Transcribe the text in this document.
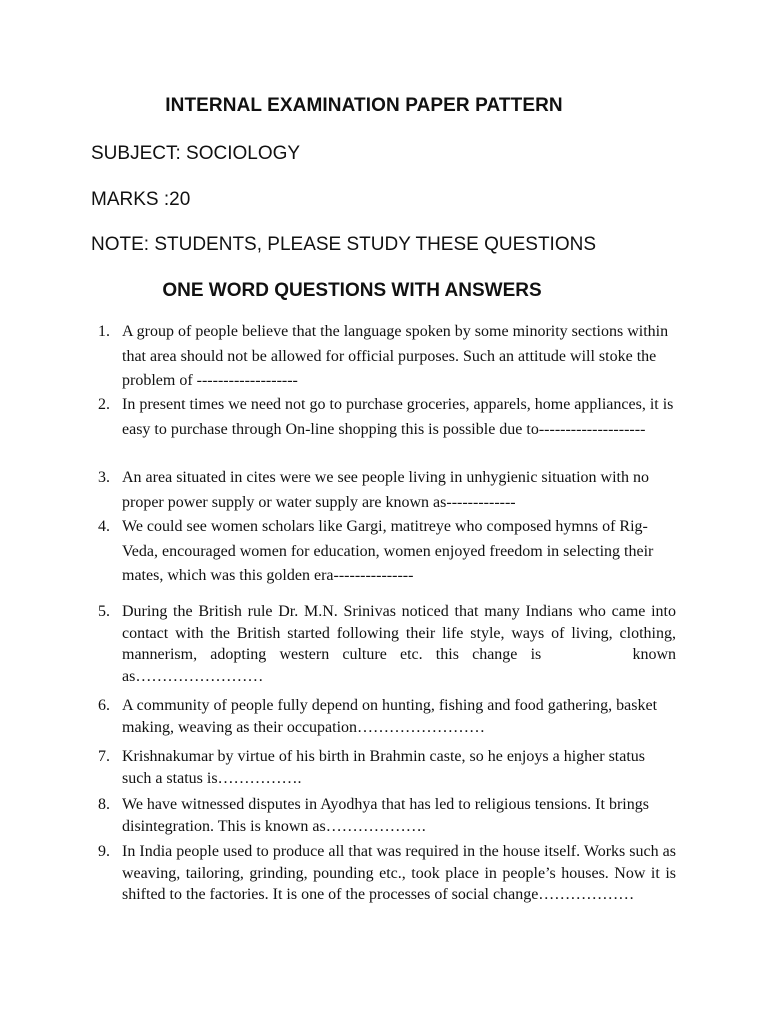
INTERNAL EXAMINATION PAPER PATTERN
SUBJECT: SOCIOLOGY
MARKS :20
NOTE: STUDENTS, PLEASE STUDY THESE QUESTIONS
ONE WORD QUESTIONS WITH ANSWERS
1. A group of people believe that the language spoken by some minority sections within that area should not be allowed for official purposes. Such an attitude will stoke the problem of -------------------
2. In present times we need not go to purchase groceries, apparels, home appliances, it is easy to purchase through On-line shopping this is possible due to--------------------
3. An area situated in cites were we see people living in unhygienic situation with no proper power supply or water supply are known as-------------
4. We could see women scholars like Gargi, matitreye who composed hymns of Rig-Veda, encouraged women for education, women enjoyed freedom in selecting their mates, which was this golden era---------------
5. During the British rule Dr. M.N. Srinivas noticed that many Indians who came into contact with the British started following their life style, ways of living, clothing, mannerism, adopting western culture etc. this change is	known as……………………
6. A community of people fully depend on hunting, fishing and food gathering, basket making, weaving as their occupation……………………
7. Krishnakumar by virtue of his birth in Brahmin caste, so he enjoys a higher status such a status is…………….
8. We have witnessed disputes in Ayodhya that has led to religious tensions. It brings disintegration. This is known as……………….
9. In India people used to produce all that was required in the house itself. Works such as weaving, tailoring, grinding, pounding etc., took place in people’s houses. Now it is shifted to the factories. It is one of the processes of social change………………
